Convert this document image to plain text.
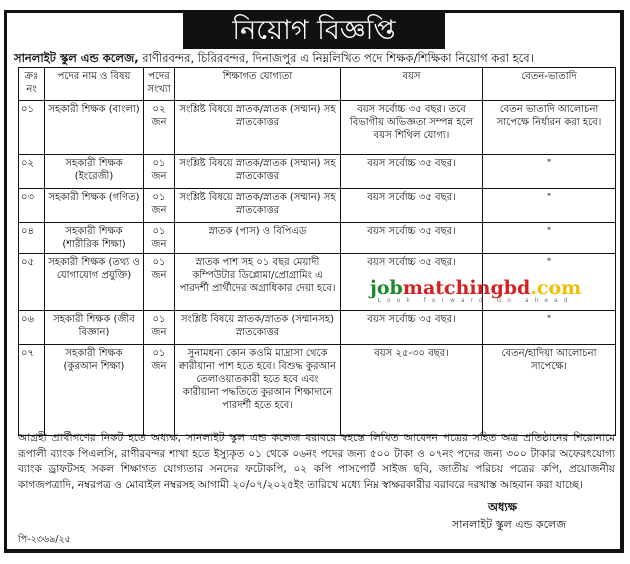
নিয়োগ বিজ্ঞপ্তি
সানলাইট স্কুল এন্ড কলেজ, রাণীরবন্দর, চিরিরবন্দর, দিনাজপুর এ নিম্নলিখিত পদে শিক্ষক/শিক্ষিকা নিয়োগ করা হবে।
ক্রঃ নং	পদের নাম ও বিষয়	পদের সংখ্যা	শিক্ষাগত যোগ্যতা	বয়স	বেতন-ভাতাদি
০১	সহকারী শিক্ষক (বাংলা)	০২ জন	সংশ্লিষ্ট বিষয়ে স্নাতক/স্নাতক (সম্মান) সহ স্নাতকোত্তর	বয়স সর্বোচ্চ ৩৫ বছর। তবে বিভাগীয় অভিজ্ঞতা সম্পন্ন হলে বয়স শিথিল যোগ্য।	বেতন ভাতাদি আলোচনা সাপেক্ষে নির্ধারন করা হবে।
০২	সহকারী শিক্ষক (ইংরেজী)	০১ জন	সংশ্লিষ্ট বিষয়ে স্নাতক/স্নাতক (সম্মান) সহ স্নাতকোত্তর	বয়স সর্বোচ্চ ৩৫ বছর।	"
০৩	সহকারী শিক্ষক (গণিত)	০১ জন	সংশ্লিষ্ট বিষয়ে স্নাতক/স্নাতক (সম্মান) সহ স্নাতকোত্তর	বয়স সর্বোচ্চ ৩৫ বছর।	"
০৪	সহকারী শিক্ষক (শারীরিক শিক্ষা)	০১ জন	স্নাতক (পাস) ও বিপিএড	বয়স সর্বোচ্চ ৩৫ বছর।	"
০৫	সহকারী শিক্ষক (তথ্য ও যোগাযোগ প্রযুক্তি)	০১ জন	স্নাতক পাশ সহ ০১ বছর মেয়াদী কম্পিউটার ডিপ্লোমা/প্রোগ্রামিং এ পারদর্শী প্রার্থীদের অগ্রাধিকার দেয়া হবে।	বয়স সর্বোচ্চ ৩৫ বছর।	"
০৬	সহকারী শিক্ষক (জীব বিজ্ঞান)	০১ জন	সংশ্লিষ্ট বিষয়ে স্নাতক/স্নাতক (সম্মানসহ) স্নাতকোত্তর	বয়স সর্বোচ্চ ৩৫ বছর।	"
০৭	সহকারী শিক্ষক (কুরআন শিক্ষা)	০১ জন	সুনামধন্য কোন কওমি মাদ্রাসা থেকে ক্বারীয়ানা পাশ হতে হবে। বিশুদ্ধ কুরআন তেলাওয়াতকারী হতে হবে এবং কারীয়ানা পদ্ধতিতে কুরআন শিক্ষাদানে পারদর্শী হতে হবে।	বয়স ২৫-৩০ বছর।	বেতন/হাদিয়া আলোচনা সাপেক্ষে।
jobmatchingbd.com
Look forward Go ahead
আগ্রহী প্রার্থীগণের নিকট হতে অধ্যক্ষ, সানলাইট স্কুল এন্ড কলেজ বরাবরে স্বহস্তে লিখিত আবেদন পত্রের সহিত অত্র প্রতিষ্ঠানের শিরোনামে রূপালী ব্যাংক পিএলসি, রাণীরবন্দর শাখা হতে ইস্যুকৃত ০১ থেকে ০৬নং পদের জন্য ৫০০ টাকা ও ০৭নং পদের জন্য ৩০০ টাকার অফেরৎযোগ্য ব্যাংক ড্রাফটসহ সকল শিক্ষাগত যোগ্যতার সনদের ফটোকপি, ০২ কপি পাসপোর্ট সাইজ ছবি, জাতীয় পরিচয় পত্রের কপি, প্রয়োজনীয় কাগজপত্রাদি, নম্বরপত্র ও মোবাইল নম্বরসহ আগামী ২০/০৭/২০২৫ইং তারিখে মধ্যে নিম্ন স্বাক্ষরকারীর বরাবরে দরখাস্ত আহবান করা যাচ্ছে।
অধ্যক্ষ
সানলাইট স্কুল এন্ড কলেজ
পি-২৩৬৯/২৫
